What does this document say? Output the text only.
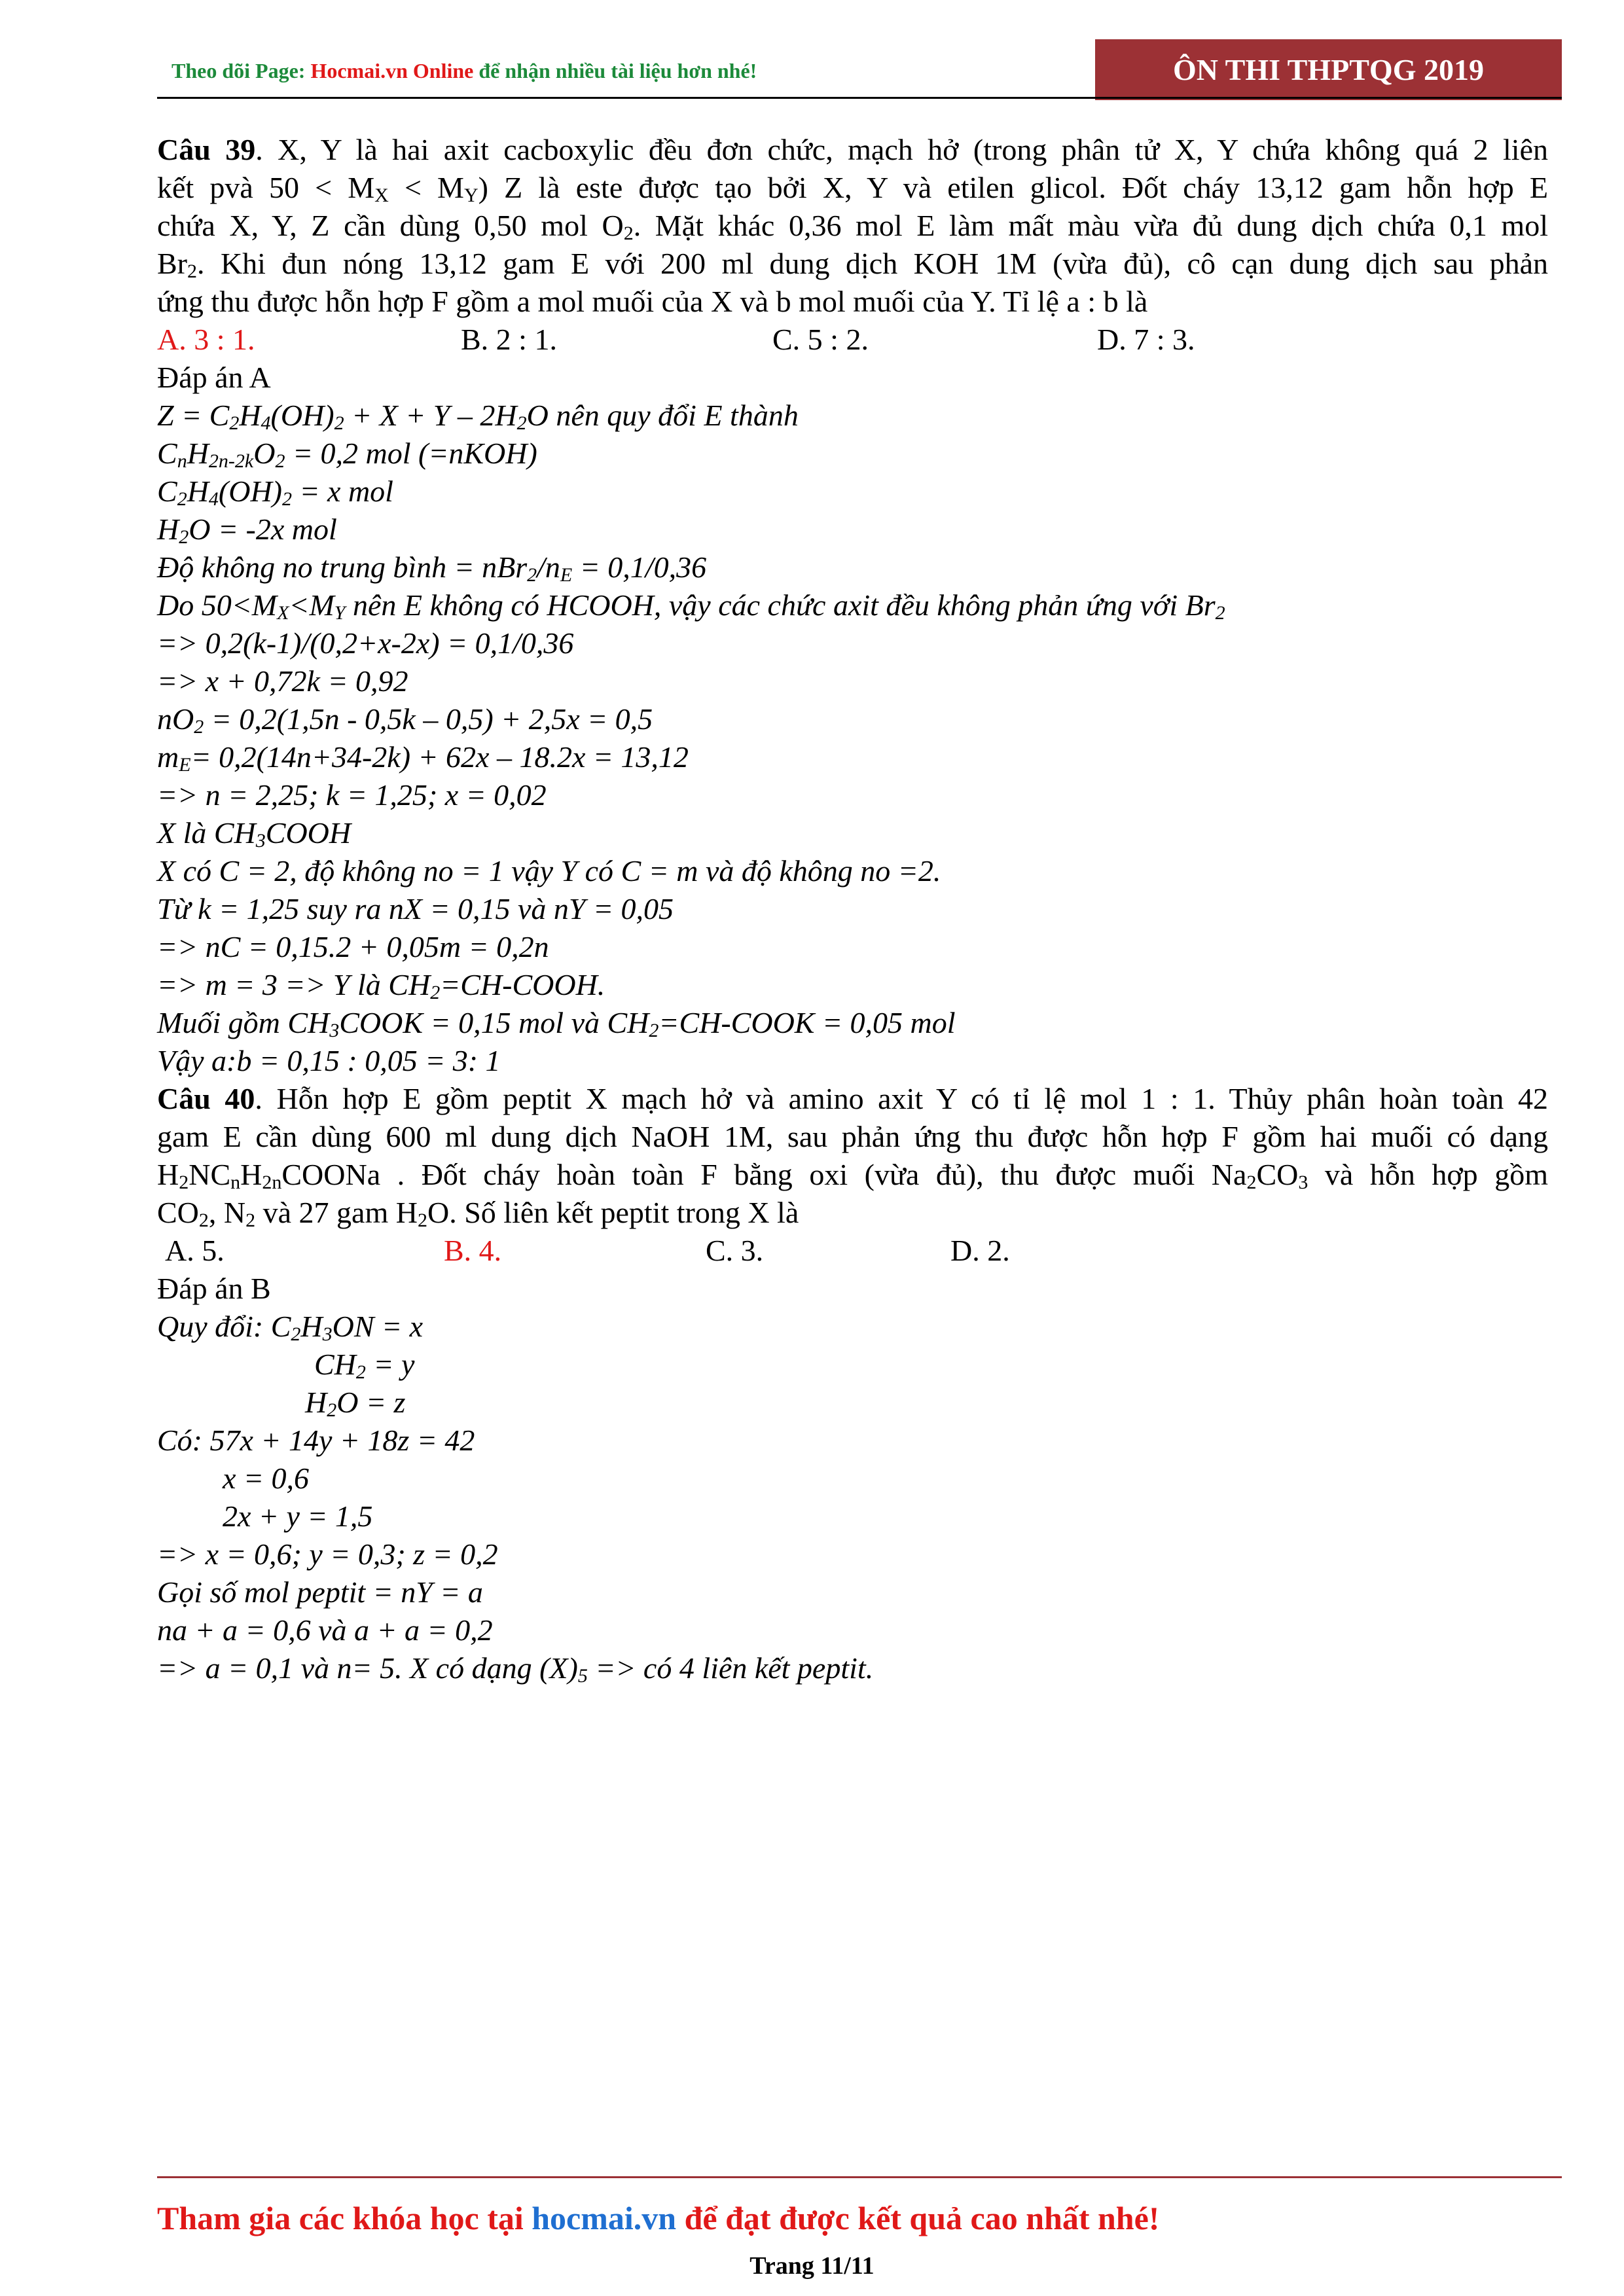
Theo dõi Page: Hocmai.vn Online để nhận nhiều tài liệu hơn nhé!	ÔN THI THPTQG 2019
Câu 39. X, Y là hai axit cacboxylic đều đơn chức, mạch hở (trong phân tử X, Y chứa không quá 2 liên
kết pvà $50 < M_X < M_Y$) Z là este được tạo bởi X, Y và etilen glicol. Đốt cháy 13,12 gam hỗn hợp E
chứa X, Y, Z cần dùng 0,50 mol $O_2$. Mặt khác 0,36 mol E làm mất màu vừa đủ dung dịch chứa 0,1 mol
$Br_2$. Khi đun nóng 13,12 gam E với 200 ml dung dịch KOH 1M (vừa đủ), cô cạn dung dịch sau phản
ứng thu được hỗn hợp F gồm a mol muối của X và b mol muối của Y. Tỉ lệ a : b là
A. 3 : 1.	B. 2 : 1.	C. 5 : 2.	D. 7 : 3.
Đáp án A
$Z = C_2H_4(OH)_2 + X + Y - 2H_2O$ nên quy đổi E thành
$C_nH_{2n-2k}O_2 = 0,2$ mol (=nKOH)
$C_2H_4(OH)_2 = x$ mol
$H_2O = -2x$ mol
Độ không no trung bình = $nBr_2/n_E = 0,1/0,36$
Do $50<M_X<M_Y$ nên E không có HCOOH, vậy các chức axit đều không phản ứng với $Br_2$
=> 0,2(k-1)/(0,2+x-2x) = 0,1/0,36
=> x + 0,72k = 0,92
$nO_2 = 0,2(1,5n - 0,5k - 0,5) + 2,5x = 0,5$
$m_E= 0,2(14n+34-2k) + 62x - 18.2x = 13,12$
=> n = 2,25; k = 1,25; x = 0,02
X là $CH_3COOH$
X có C = 2, độ không no = 1 vậy Y có C = m và độ không no =2.
Từ k = 1,25 suy ra nX = 0,15 và nY = 0,05
=> nC = 0,15.2 + 0,05m = 0,2n
=> m = 3 => Y là $CH_2=CH$-COOH.
Muối gồm $CH_3COOK = 0,15$ mol và $CH_2=CH$-COOK = 0,05 mol
Vậy a:b = 0,15 : 0,05 = 3: 1
Câu 40. Hỗn hợp E gồm peptit X mạch hở và amino axit Y có tỉ lệ mol 1 : 1. Thủy phân hoàn toàn 42
gam E cần dùng 600 ml dung dịch NaOH 1M, sau phản ứng thu được hỗn hợp F gồm hai muối có dạng
$H_2NC_nH_{2n}COONa$ . Đốt cháy hoàn toàn F bằng oxi (vừa đủ), thu được muối $Na_2CO_3$ và hỗn hợp gồm
$CO_2$, $N_2$ và 27 gam $H_2O$. Số liên kết peptit trong X là
A. 5.	B. 4.	C. 3.	D. 2.
Đáp án B
Quy đổi: $C_2H_3ON = x$
$CH_2 = y$
$H_2O = z$
Có: 57x + 14y + 18z = 42
x = 0,6
2x + y = 1,5
=> x = 0,6; y = 0,3; z = 0,2
Gọi số mol peptit = nY = a
na + a = 0,6 và a + a = 0,2
=> a = 0,1 và n= 5. X có dạng $(X)_5$ => có 4 liên kết peptit.
Tham gia các khóa học tại hocmai.vn để đạt được kết quả cao nhất nhé!
Trang 11/11
